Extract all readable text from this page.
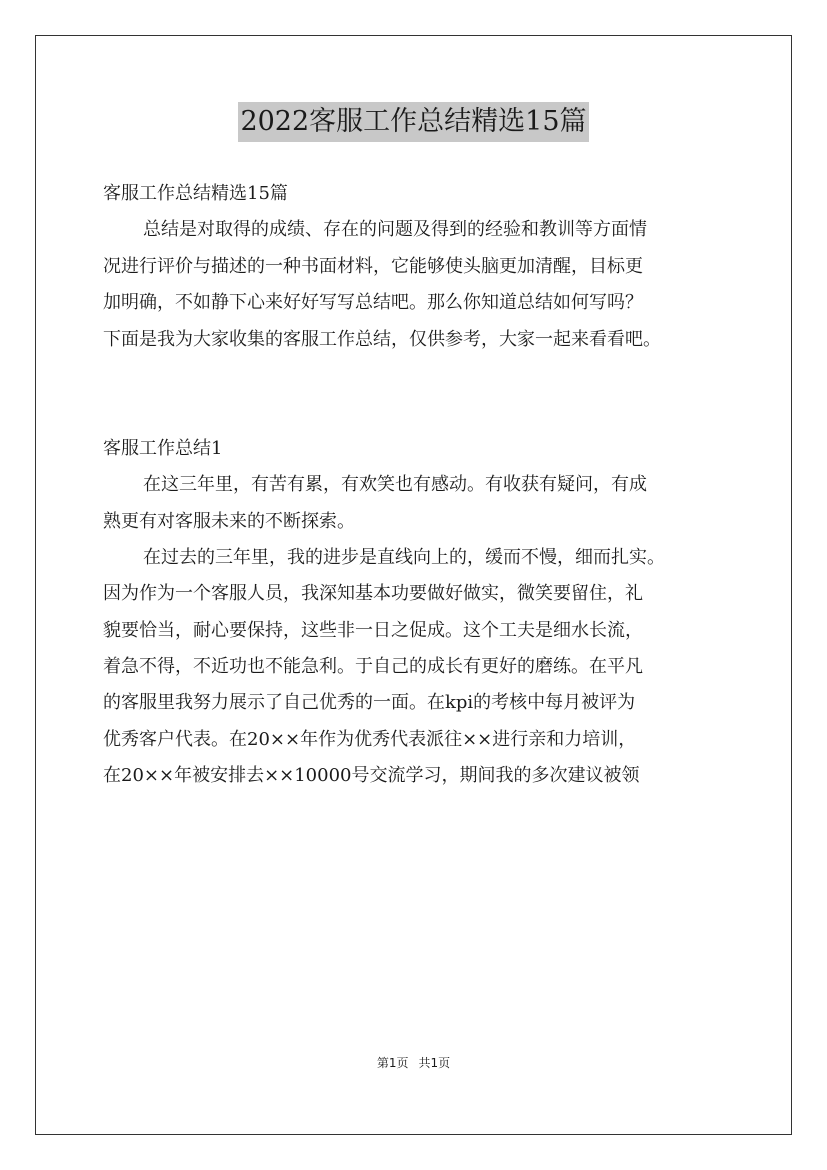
2022客服工作总结精选15篇
客服工作总结精选15篇
总结是对取得的成绩、存在的问题及得到的经验和教训等方面情
况进行评价与描述的一种书面材料，它能够使头脑更加清醒，目标更
加明确，不如静下心来好好写写总结吧。那么你知道总结如何写吗？
下面是我为大家收集的客服工作总结，仅供参考，大家一起来看看吧。
客服工作总结1
在这三年里，有苦有累，有欢笑也有感动。有收获有疑问，有成
熟更有对客服未来的不断探索。
在过去的三年里，我的进步是直线向上的，缓而不慢，细而扎实。
因为作为一个客服人员，我深知基本功要做好做实，微笑要留住，礼
貌要恰当，耐心要保持，这些非一日之促成。这个工夫是细水长流，
着急不得，不近功也不能急利。于自己的成长有更好的磨练。在平凡
的客服里我努力展示了自己优秀的一面。在kpi的考核中每月被评为
优秀客户代表。在20××年作为优秀代表派往××进行亲和力培训，
在20××年被安排去××10000号交流学习，期间我的多次建议被领
第1页 共1页
